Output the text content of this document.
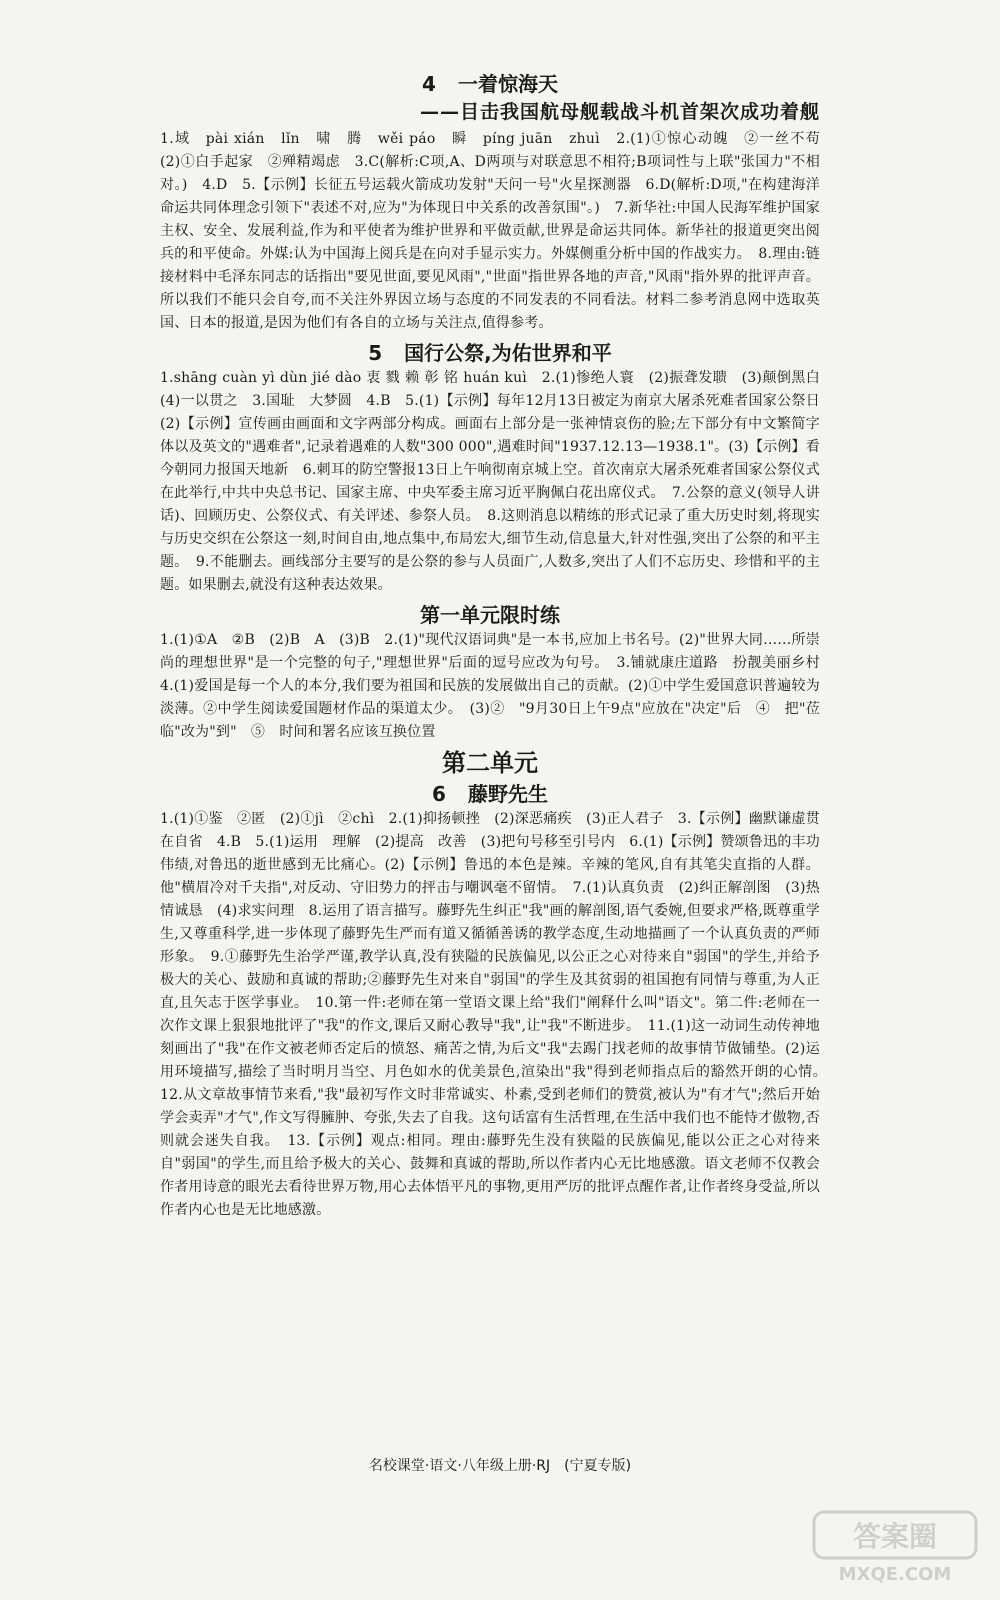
4 一着惊海天

——目击我国航母舰载战斗机首架次成功着舰

1.域　pài xián　lǐn　啸　腾　wěi páo　瞬　píng juān　zhuì　2.(1)①惊心动魄　②一丝不苟　(2)①白手起家　②殚精竭虑　3.C(解析:C项,A、D两项与对联意思不相符;B项词性与上联"张国力"不相对。)　4.D　5.【示例】长征五号运载火箭成功发射"天问一号"火星探测器　6.D(解析:D项,"在构建海洋命运共同体理念引领下"表述不对,应为"为体现日中关系的改善氛围"。)　7.新华社:中国人民海军维护国家主权、安全、发展利益,作为和平使者为维护世界和平做贡献,世界是命运共同体。新华社的报道更突出阅兵的和平使命。外媒:认为中国海上阅兵是在向对手显示实力。外媒侧重分析中国的作战实力。　8.理由:链接材料中毛泽东同志的话指出"要见世面,要见风雨","世面"指世界各地的声音,"风雨"指外界的批评声音。所以我们不能只会自夸,而不关注外界因立场与态度的不同发表的不同看法。材料二参考消息网中选取英国、日本的报道,是因为他们有各自的立场与关注点,值得参考。

5 国行公祭,为佑世界和平

1.shāng cuàn yì dùn jié dào 衷 戮 赖 彰 铭 huán kuì　2.(1)惨绝人寰　(2)振聋发聩　(3)颠倒黑白　(4)一以贯之　3.国耻　大梦圆　4.B　5.(1)【示例】每年12月13日被定为南京大屠杀死难者国家公祭日　(2)【示例】宣传画由画面和文字两部分构成。画面右上部分是一张神情哀伤的脸;左下部分有中文繁简字体以及英文的"遇难者",记录着遇难的人数"300 000",遇难时间"1937.12.13—1938.1"。(3)【示例】看今朝同力报国天地新　6.刺耳的防空警报13日上午响彻南京城上空。首次南京大屠杀死难者国家公祭仪式在此举行,中共中央总书记、国家主席、中央军委主席习近平胸佩白花出席仪式。　7.公祭的意义(领导人讲话)、回顾历史、公祭仪式、有关评述、参祭人员。　8.这则消息以精练的形式记录了重大历史时刻,将现实与历史交织在公祭这一刻,时间自由,地点集中,布局宏大,细节生动,信息量大,针对性强,突出了公祭的和平主题。　9.不能删去。画线部分主要写的是公祭的参与人员面广,人数多,突出了人们不忘历史、珍惜和平的主题。如果删去,就没有这种表达效果。

第一单元限时练

1.(1)①A　②B　(2)B　A　(3)B　2.(1)"现代汉语词典"是一本书,应加上书名号。(2)"世界大同……所崇尚的理想世界"是一个完整的句子,"理想世界"后面的逗号应改为句号。　3.铺就康庄道路　扮靓美丽乡村　4.(1)爱国是每一个人的本分,我们要为祖国和民族的发展做出自己的贡献。(2)①中学生爱国意识普遍较为淡薄。②中学生阅读爱国题材作品的渠道太少。　(3)②　"9月30日上午9点"应放在"决定"后　④　把"莅临"改为"到"　⑤　时间和署名应该互换位置

第二单元
6 藤野先生

1.(1)①鉴　②匿　(2)①jì　②chì　2.(1)抑扬顿挫　(2)深恶痛疾　(3)正人君子　3.【示例】幽默谦虚贯在自省　4.B　5.(1)运用　理解　(2)提高　改善　(3)把句号移至引号内　6.(1)【示例】赞颂鲁迅的丰功伟绩,对鲁迅的逝世感到无比痛心。(2)【示例】鲁迅的本色是辣。辛辣的笔风,自有其笔尖直指的人群。他"横眉冷对千夫指",对反动、守旧势力的抨击与嘲讽毫不留情。　7.(1)认真负责　(2)纠正解剖图　(3)热情诚恳　(4)求实问理　8.运用了语言描写。藤野先生纠正"我"画的解剖图,语气委婉,但要求严格,既尊重学生,又尊重科学,进一步体现了藤野先生严而有道又循循善诱的教学态度,生动地描画了一个认真负责的严师形象。　9.①藤野先生治学严谨,教学认真,没有狭隘的民族偏见,以公正之心对待来自"弱国"的学生,并给予极大的关心、鼓励和真诚的帮助;②藤野先生对来自"弱国"的学生及其贫弱的祖国抱有同情与尊重,为人正直,且矢志于医学事业。　10.第一件:老师在第一堂语文课上给"我们"阐释什么叫"语文"。第二件:老师在一次作文课上狠狠地批评了"我"的作文,课后又耐心教导"我",让"我"不断进步。　11.(1)这一动词生动传神地刻画出了"我"在作文被老师否定后的愤怒、痛苦之情,为后文"我"去踢门找老师的故事情节做铺垫。(2)运用环境描写,描绘了当时明月当空、月色如水的优美景色,渲染出"我"得到老师指点后的豁然开朗的心情。　12.从文章故事情节来看,"我"最初写作文时非常诚实、朴素,受到老师们的赞赏,被认为"有才气";然后开始学会卖弄"才气",作文写得臃肿、夸张,失去了自我。这句话富有生活哲理,在生活中我们也不能恃才傲物,否则就会迷失自我。　13.【示例】观点:相同。理由:藤野先生没有狭隘的民族偏见,能以公正之心对待来自"弱国"的学生,而且给予极大的关心、鼓舞和真诚的帮助,所以作者内心无比地感激。语文老师不仅教会作者用诗意的眼光去看待世界万物,用心去体悟平凡的事物,更用严厉的批评点醒作者,让作者终身受益,所以作者内心也是无比地感激。

名校课堂·语文·八年级上册·RJ　(宁夏专版)
答案圈
MXQE.COM
